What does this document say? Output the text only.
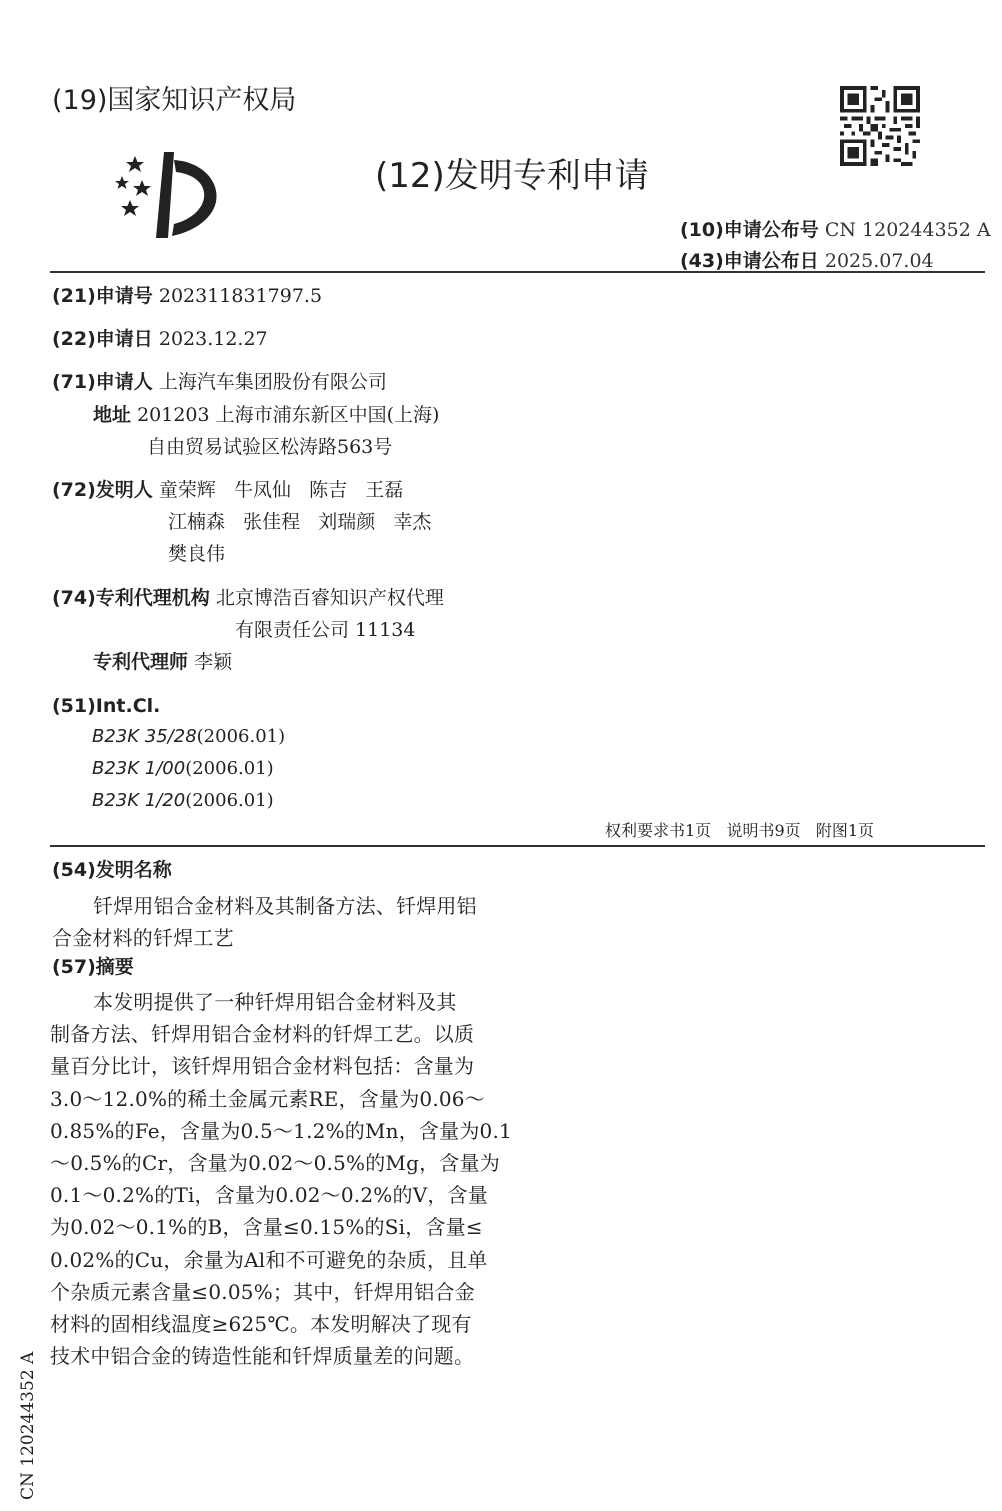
(19)国家知识产权局
(12)发明专利申请
(10)申请公布号 CN 120244352 A
(43)申请公布日 2025.07.04
(21)申请号 202311831797.5
(22)申请日 2023.12.27
(71)申请人 上海汽车集团股份有限公司
地址 201203 上海市浦东新区中国(上海)
自由贸易试验区松涛路563号
(72)发明人 童荣辉   牛凤仙   陈吉   王磊
江楠森   张佳程   刘瑞颜   幸杰
樊良伟
(74)专利代理机构 北京博浩百睿知识产权代理
有限责任公司 11134
专利代理师 李颖
(51)Int.Cl.
B23K 35/28(2006.01)
B23K 1/00(2006.01)
B23K 1/20(2006.01)
权利要求书1页   说明书9页   附图1页
(54)发明名称
钎焊用铝合金材料及其制备方法、钎焊用铝
合金材料的钎焊工艺
(57)摘要
本发明提供了一种钎焊用铝合金材料及其
制备方法、钎焊用铝合金材料的钎焊工艺。以质
量百分比计，该钎焊用铝合金材料包括：含量为
3.0～12.0%的稀土金属元素RE，含量为0.06～
0.85%的Fe，含量为0.5～1.2%的Mn，含量为0.1
～0.5%的Cr，含量为0.02～0.5%的Mg，含量为
0.1～0.2%的Ti，含量为0.02～0.2%的V，含量
为0.02～0.1%的B，含量≤0.15%的Si，含量≤
0.02%的Cu，余量为Al和不可避免的杂质，且单
个杂质元素含量≤0.05%；其中，钎焊用铝合金
材料的固相线温度≥625℃。本发明解决了现有
技术中铝合金的铸造性能和钎焊质量差的问题。
CN 120244352 A
